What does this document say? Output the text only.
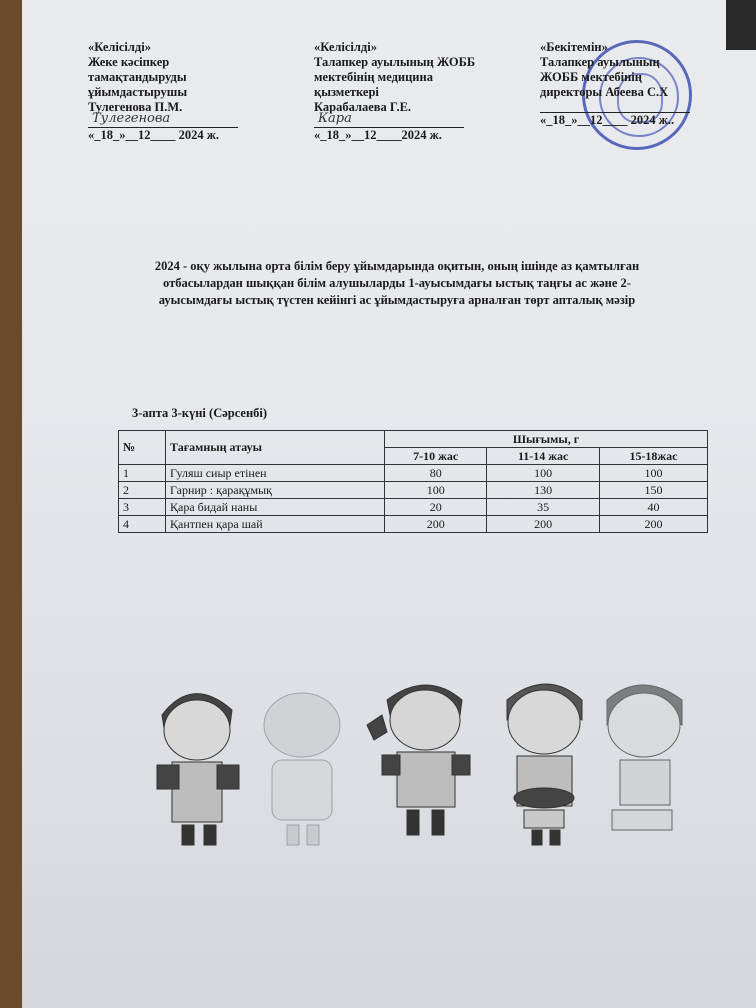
«Келісілді»
Жеке кәсіпкер
тамақтандыруды
ұйымдастырушы
Тулегенова П.М.
Тулегенова
«_18_»__12____ 2024 ж.
«Келісілді»
Талапкер ауылының ЖОББ
мектебінің медицина
қызметкері
Карабалаева Г.Е.
Кара
«_18_»__12____2024 ж.
«Бекітемін»
Талапкер ауылының
ЖОББ мектебінің
директоры Абеева С.Х
«_18_»__12____ 2024 ж..
2024 - оқу жылына орта білім беру ұйымдарында оқитын, оның ішінде аз қамтылған отбасылардан шыққан білім алушыларды 1-ауысымдағы ыстық таңғы ас және 2-ауысымдағы ыстық түстен кейінгі ас ұйымдастыруға арналған төрт апталық мәзір
3-апта 3-күні (Сәрсенбі)
№	Тағамның атауы	Шығымы, г		
		7-10 жас	11-14 жас	15-18жас
1	Гуляш сиыр етінен	80	100	100
2	Гарнир : қарақұмық	100	130	150
3	Қара бидай наны	20	35	40
4	Қантпен қара шай	200	200	200
